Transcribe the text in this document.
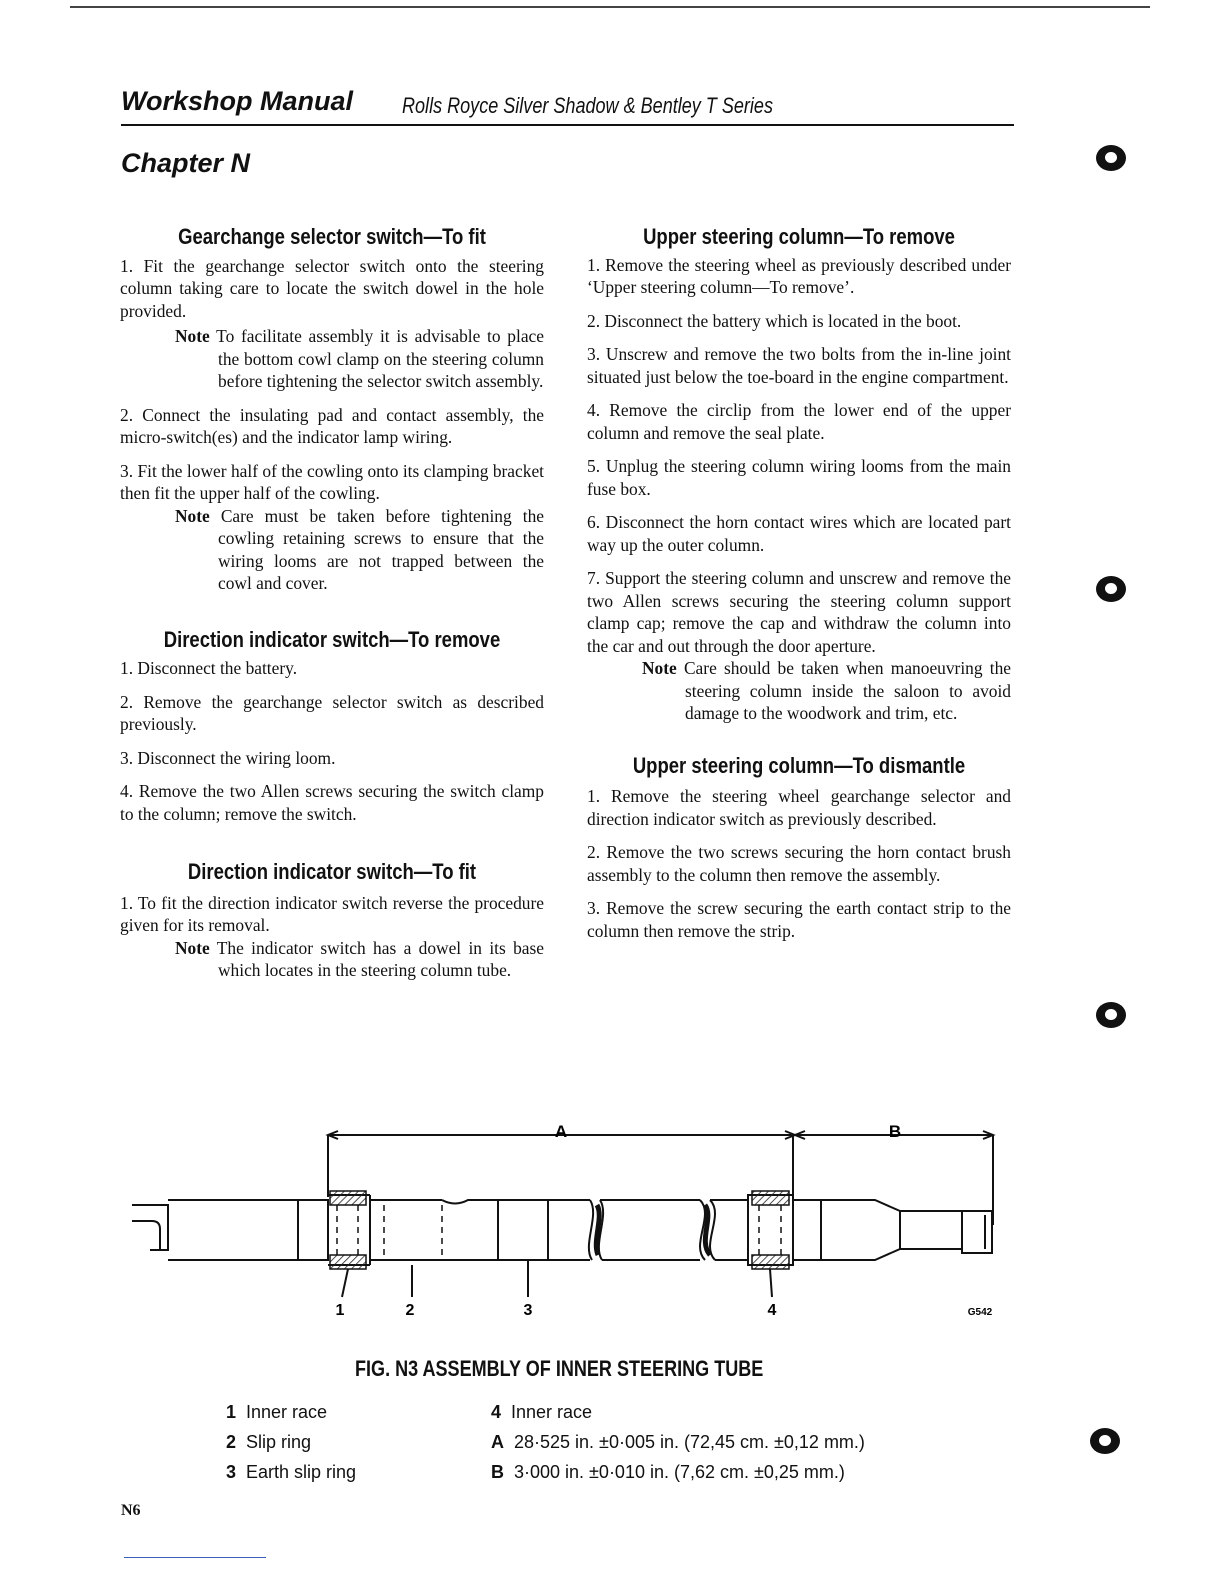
Workshop Manual Rolls Royce Silver Shadow & Bentley T Series
Chapter N
Gearchange selector switch—To fit

1. Fit the gearchange selector switch onto the steering column taking care to locate the switch dowel in the hole provided.

Note To facilitate assembly it is advisable to place the bottom cowl clamp on the steering column before tightening the selector switch assembly.

2. Connect the insulating pad and contact assembly, the micro-switch(es) and the indicator lamp wiring.

3. Fit the lower half of the cowling onto its clamping bracket then fit the upper half of the cowling.

Note Care must be taken before tightening the cowling retaining screws to ensure that the wiring looms are not trapped between the cowl and cover.

Direction indicator switch—To remove

1. Disconnect the battery.

2. Remove the gearchange selector switch as described previously.

3. Disconnect the wiring loom.

4. Remove the two Allen screws securing the switch clamp to the column; remove the switch.

Direction indicator switch—To fit

1. To fit the direction indicator switch reverse the procedure given for its removal.

Note The indicator switch has a dowel in its base which locates in the steering column tube.

Upper steering column—To remove

1. Remove the steering wheel as previously described under ‘Upper steering column—To remove’.

2. Disconnect the battery which is located in the boot.

3. Unscrew and remove the two bolts from the in-line joint situated just below the toe-board in the engine compartment.

4. Remove the circlip from the lower end of the upper column and remove the seal plate.

5. Unplug the steering column wiring looms from the main fuse box.

6. Disconnect the horn contact wires which are located part way up the outer column.

7. Support the steering column and unscrew and remove the two Allen screws securing the steering column support clamp cap; remove the cap and withdraw the column into the car and out through the door aperture.

Note Care should be taken when manoeuvring the steering column inside the saloon to avoid damage to the woodwork and trim, etc.

Upper steering column—To dismantle

1. Remove the steering wheel gearchange selector and direction indicator switch as previously described.

2. Remove the two screws securing the horn contact brush assembly to the column then remove the assembly.

3. Remove the screw securing the earth contact strip to the column then remove the strip.

A	B
1	2	3	4	G542
FIG. N3 ASSEMBLY OF INNER STEERING TUBE
1 Inner race
2 Slip ring
3 Earth slip ring
4 Inner race
A 28·525 in. ±0·005 in. (72,45 cm. ±0,12 mm.)
B 3·000 in. ±0·010 in. (7,62 cm. ±0,25 mm.)
N6
